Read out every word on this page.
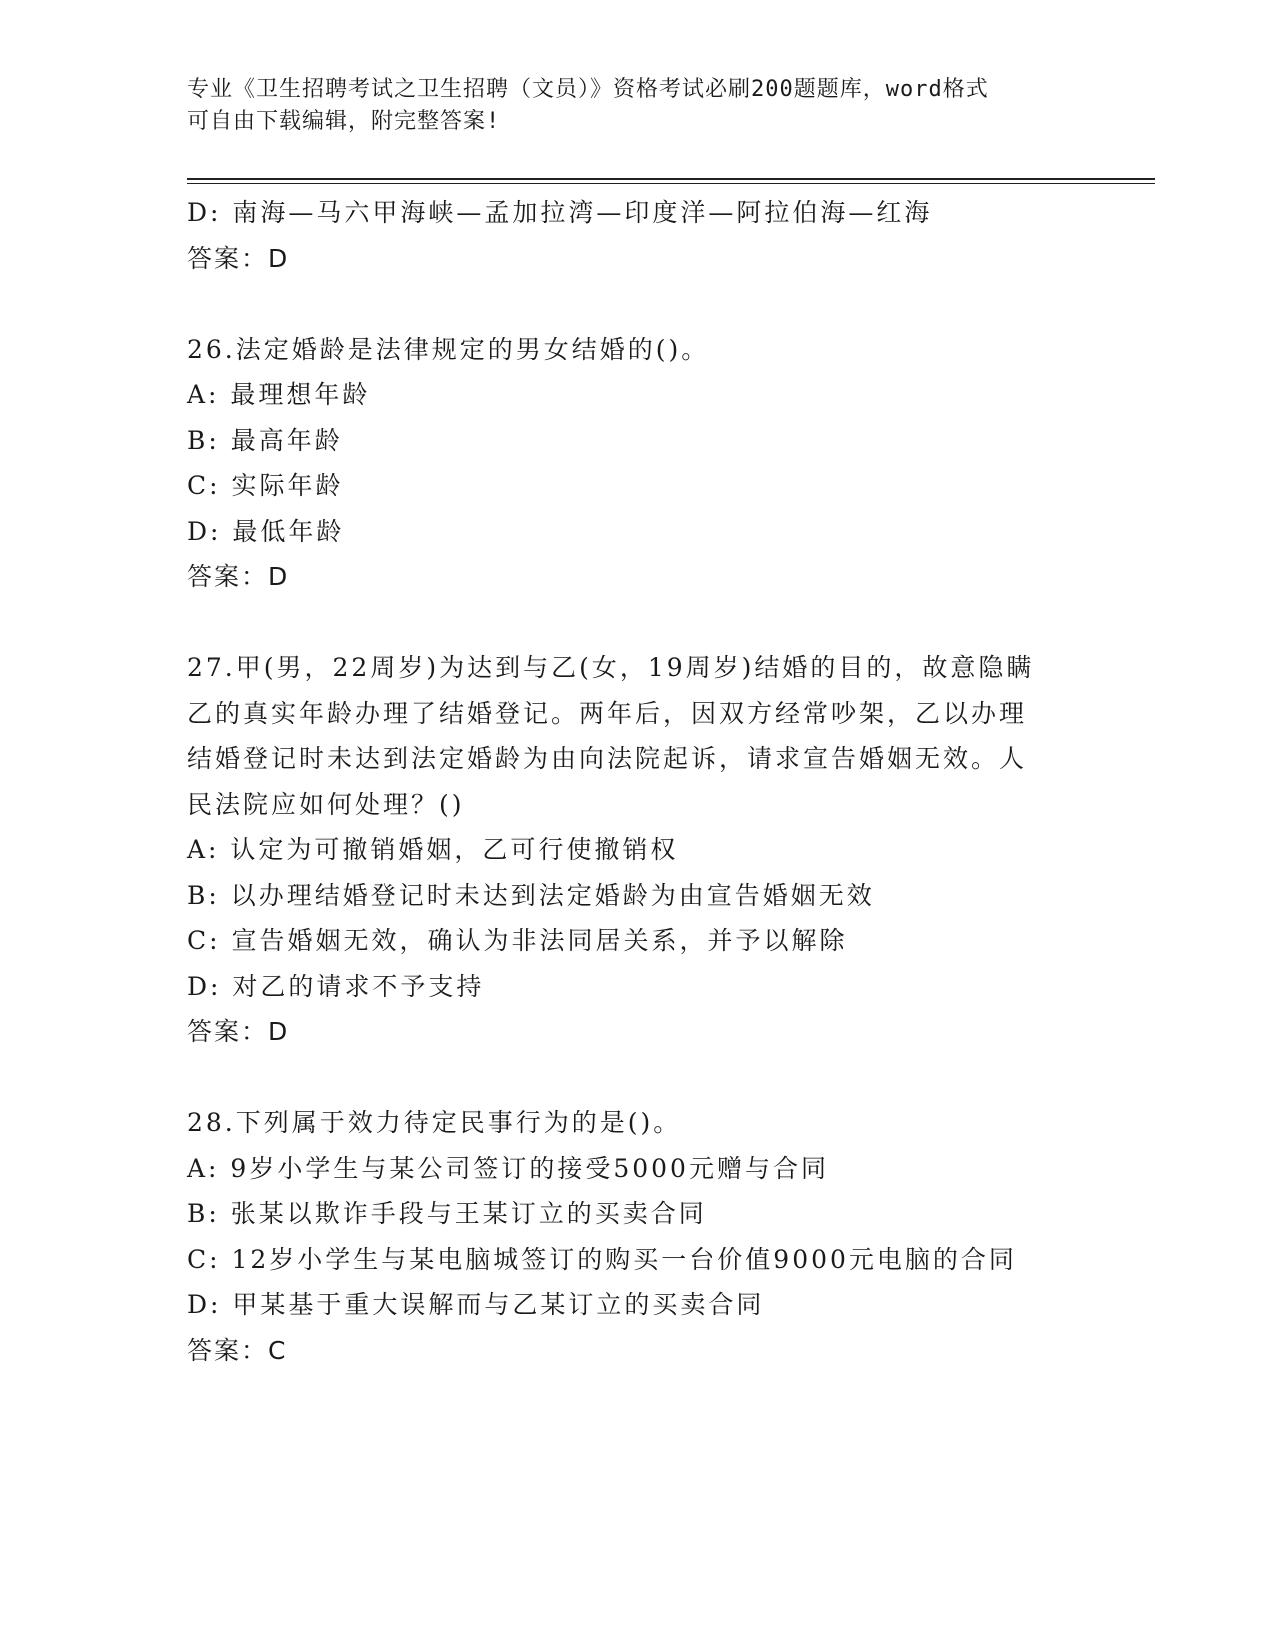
专业《卫生招聘考试之卫生招聘（文员）》资格考试必刷200题题库，word格式
可自由下载编辑，附完整答案!
D: 南海—马六甲海峡—孟加拉湾—印度洋—阿拉伯海—红海
答案：D
26.法定婚龄是法律规定的男女结婚的()。
A: 最理想年龄
B: 最高年龄
C: 实际年龄
D: 最低年龄
答案：D
27.甲(男，22周岁)为达到与乙(女，19周岁)结婚的目的，故意隐瞒
乙的真实年龄办理了结婚登记。两年后，因双方经常吵架，乙以办理
结婚登记时未达到法定婚龄为由向法院起诉，请求宣告婚姻无效。人
民法院应如何处理？()
A: 认定为可撤销婚姻，乙可行使撤销权
B: 以办理结婚登记时未达到法定婚龄为由宣告婚姻无效
C: 宣告婚姻无效，确认为非法同居关系，并予以解除
D: 对乙的请求不予支持
答案：D
28.下列属于效力待定民事行为的是()。
A: 9岁小学生与某公司签订的接受5000元赠与合同
B: 张某以欺诈手段与王某订立的买卖合同
C: 12岁小学生与某电脑城签订的购买一台价值9000元电脑的合同
D: 甲某基于重大误解而与乙某订立的买卖合同
答案：C
